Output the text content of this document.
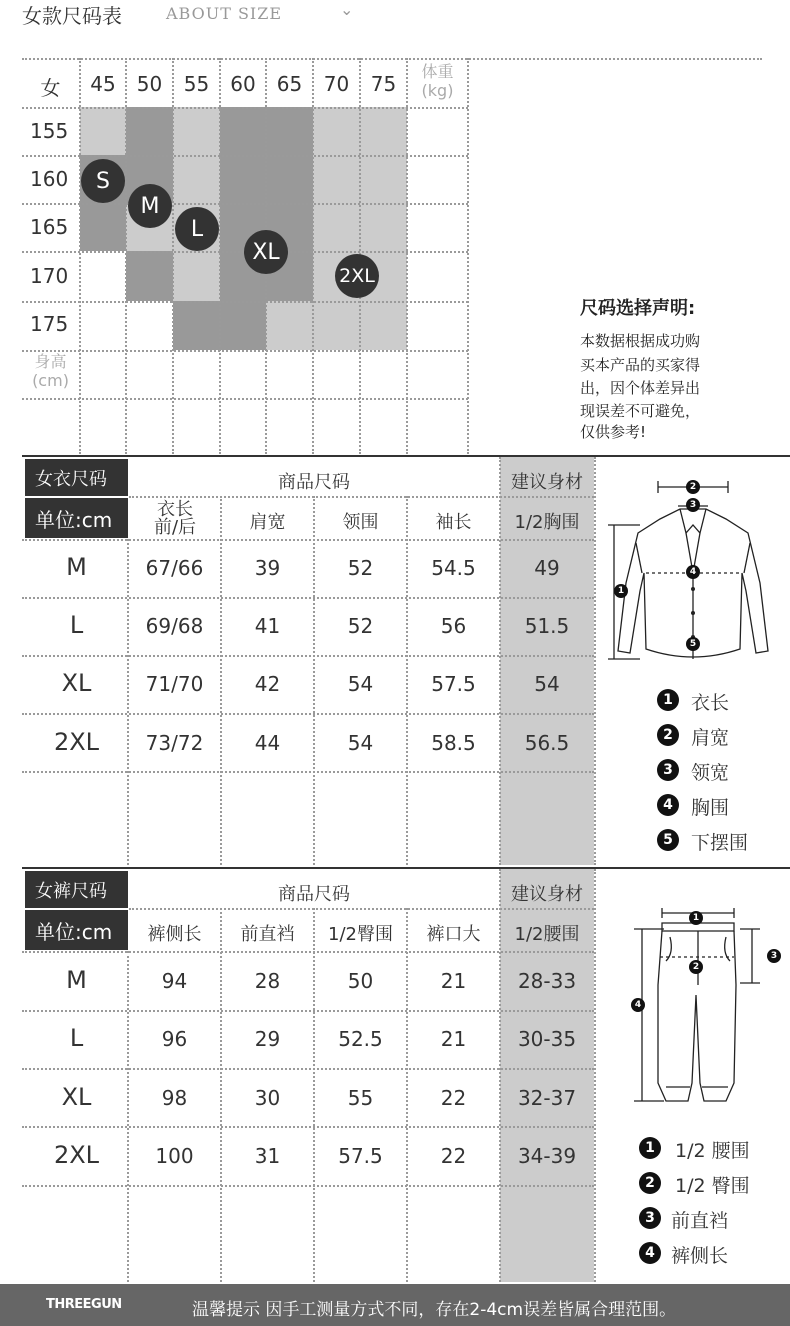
女款尺码表	ABOUT SIZE	⌄
女	45	50	55	60	65	70	75
体重
(kg)
155
160
165
170
175
身高
(cm)
S
M
L
XL
2XL
尺码选择声明:
本数据根据成功购
买本产品的买家得
出，因个体差异出
现误差不可避免，
仅供参考!
女衣尺码
单位:cm
商品尺码	建议身材
衣长
前/后	肩宽	领围	袖长	1/2胸围
M	67/66	39	52	54.5	49
L	69/68	41	52	56	51.5
XL	71/70	42	54	57.5	54
2XL	73/72	44	54	58.5	56.5
2
3
1
4
5
1 衣长
2 肩宽
3 领宽
4 胸围
5 下摆围
女裤尺码
单位:cm
商品尺码	建议身材
裤侧长	前直裆	1/2臀围	裤口大	1/2腰围
M	94	28	50	21	28-33
L	96	29	52.5	21	30-35
XL	98	30	55	22	32-37
2XL	100	31	57.5	22	34-39
1
2
3
4
1	1/2 腰围
2	1/2 臀围
3 前直裆
4 裤侧长
THREEGUN	温馨提示 因手工测量方式不同，存在2-4cm误差皆属合理范围。
